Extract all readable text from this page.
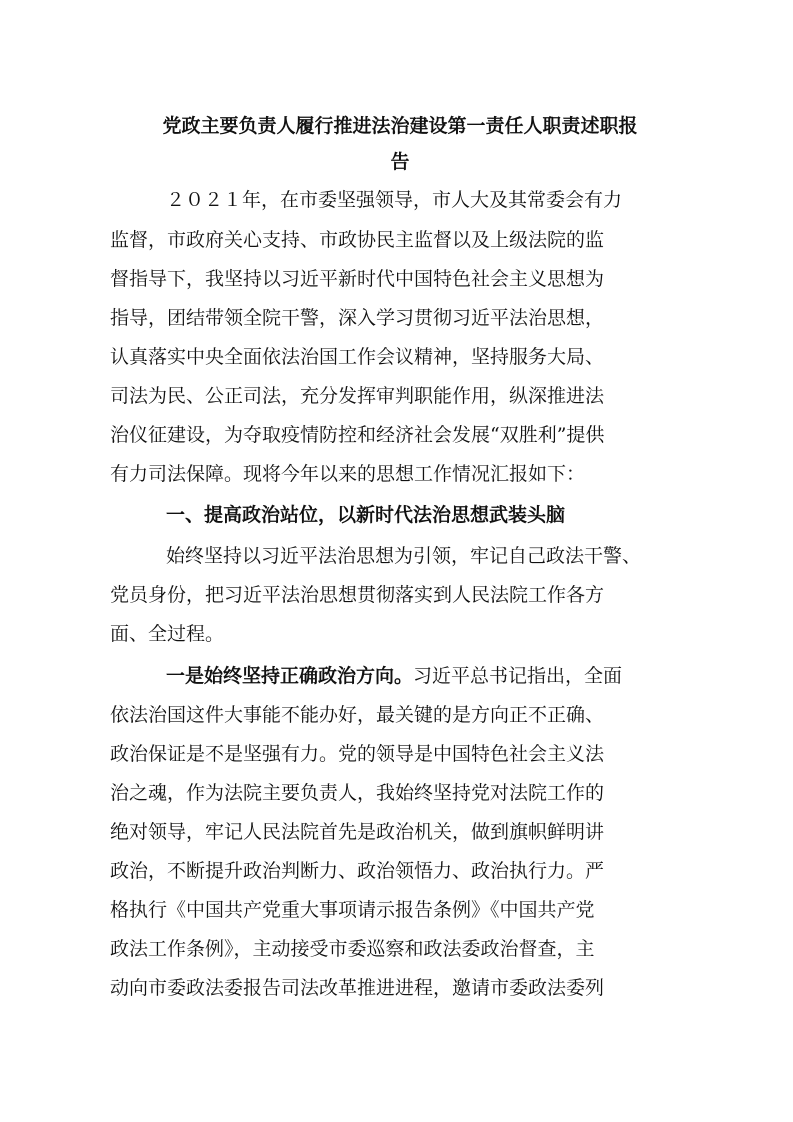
党政主要负责人履行推进法治建设第一责任人职责述职报
告
２０２１年，在市委坚强领导，市人大及其常委会有力
监督，市政府关心支持、市政协民主监督以及上级法院的监
督指导下，我坚持以习近平新时代中国特色社会主义思想为
指导，团结带领全院干警，深入学习贯彻习近平法治思想，
认真落实中央全面依法治国工作会议精神，坚持服务大局、
司法为民、公正司法，充分发挥审判职能作用，纵深推进法
治仪征建设，为夺取疫情防控和经济社会发展“双胜利”提供
有力司法保障。现将今年以来的思想工作情况汇报如下：
一、提高政治站位，以新时代法治思想武装头脑
始终坚持以习近平法治思想为引领，牢记自己政法干警、
党员身份，把习近平法治思想贯彻落实到人民法院工作各方
面、全过程。
一是始终坚持正确政治方向。习近平总书记指出，全面
依法治国这件大事能不能办好，最关键的是方向正不正确、
政治保证是不是坚强有力。党的领导是中国特色社会主义法
治之魂，作为法院主要负责人，我始终坚持党对法院工作的
绝对领导，牢记人民法院首先是政治机关，做到旗帜鲜明讲
政治，不断提升政治判断力、政治领悟力、政治执行力。严
格执行《中国共产党重大事项请示报告条例》《中国共产党
政法工作条例》，主动接受市委巡察和政法委政治督查，主
动向市委政法委报告司法改革推进进程，邀请市委政法委列
